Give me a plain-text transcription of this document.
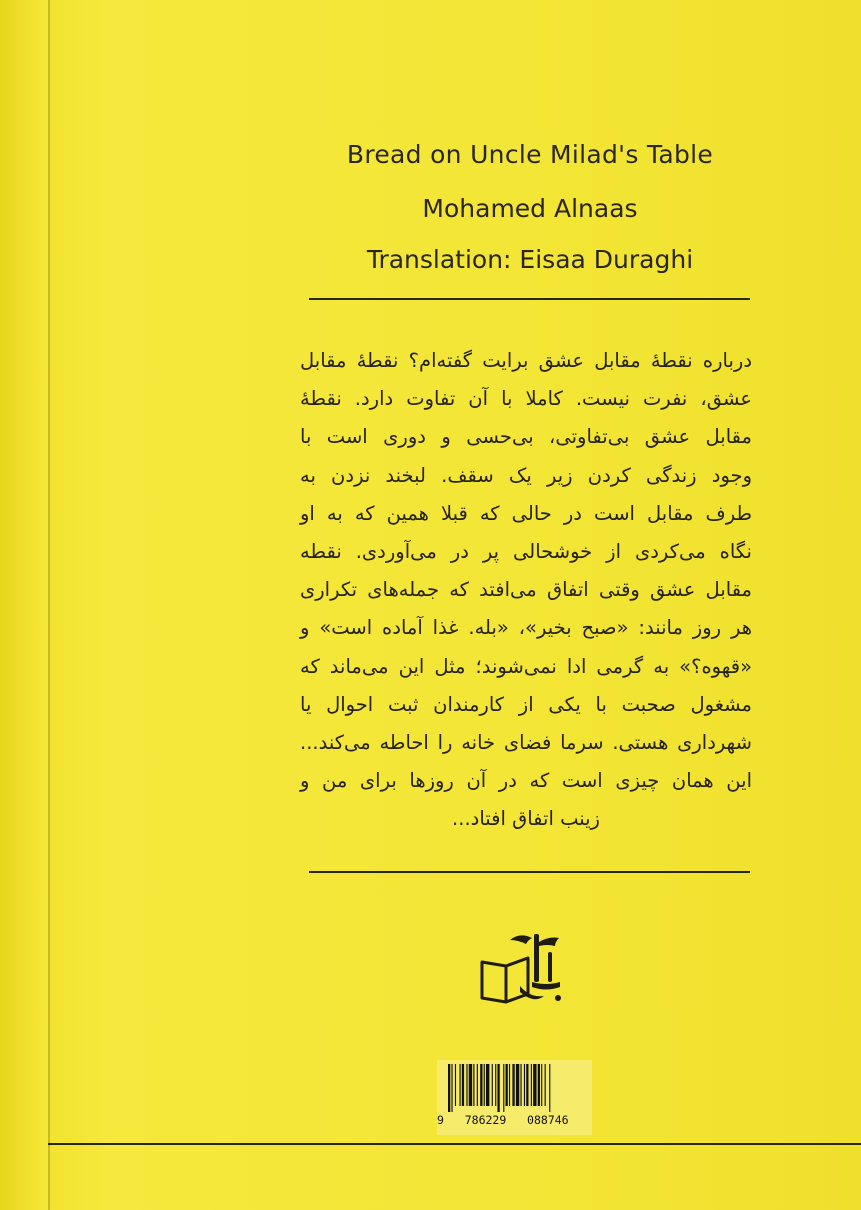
Bread on Uncle Milad's Table
Mohamed Alnaas
Translation: Eisaa Duraghi
درباره نقطهٔ مقابل عشق برایت گفته‌ام؟ نقطهٔ مقابل
عشق، نفرت نیست. کاملا با آن تفاوت دارد. نقطهٔ
مقابل عشق بی‌تفاوتی، بی‌حسی و دوری است با
وجود زندگی کردن زیر یک سقف. لبخند نزدن به
طرف مقابل است در حالی که قبلا همین که به او
نگاه می‌کردی از خوشحالی پر در می‌آوردی. نقطه
مقابل عشق وقتی اتفاق می‌افتد که جمله‌های تکراری
هر روز مانند: «صبح بخیر»، «بله. غذا آماده است» و
«قهوه؟» به گرمی ادا نمی‌شوند؛ مثل این می‌ماند که
مشغول صحبت با یکی از کارمندان ثبت احوال یا
شهرداری هستی. سرما فضای خانه را احاطه می‌کند...
این همان چیزی است که در آن روزها برای من و
زینب اتفاق افتاد...
9 786229 088746
